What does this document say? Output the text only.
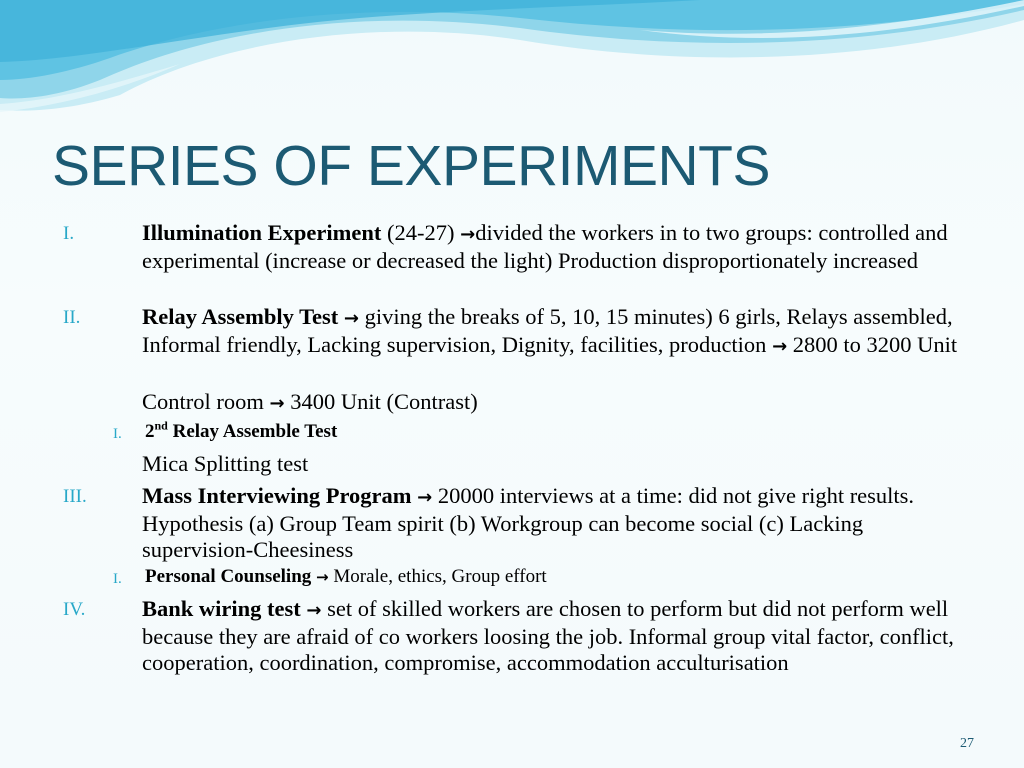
SERIES OF EXPERIMENTS
I.	Illumination Experiment (24-27) →divided the workers in to two groups: controlled and experimental (increase or decreased the light) Production disproportionately increased
II.	Relay Assembly Test → giving the breaks of 5, 10, 15 minutes) 6 girls, Relays assembled, Informal friendly, Lacking supervision, Dignity, facilities, production → 2800 to 3200 Unit
Control room → 3400 Unit (Contrast)
I. 2nd Relay Assemble Test
Mica Splitting test
III. Mass Interviewing Program → 20000 interviews at a time: did not give right results. Hypothesis (a) Group Team spirit (b) Workgroup can become social (c) Lacking supervision-Cheesiness
I. Personal Counseling → Morale, ethics, Group effort
IV.	Bank wiring test → set of skilled workers are chosen to perform but did not perform well because they are afraid of co workers loosing the job. Informal group vital factor, conflict, cooperation, coordination, compromise, accommodation acculturisation
27
